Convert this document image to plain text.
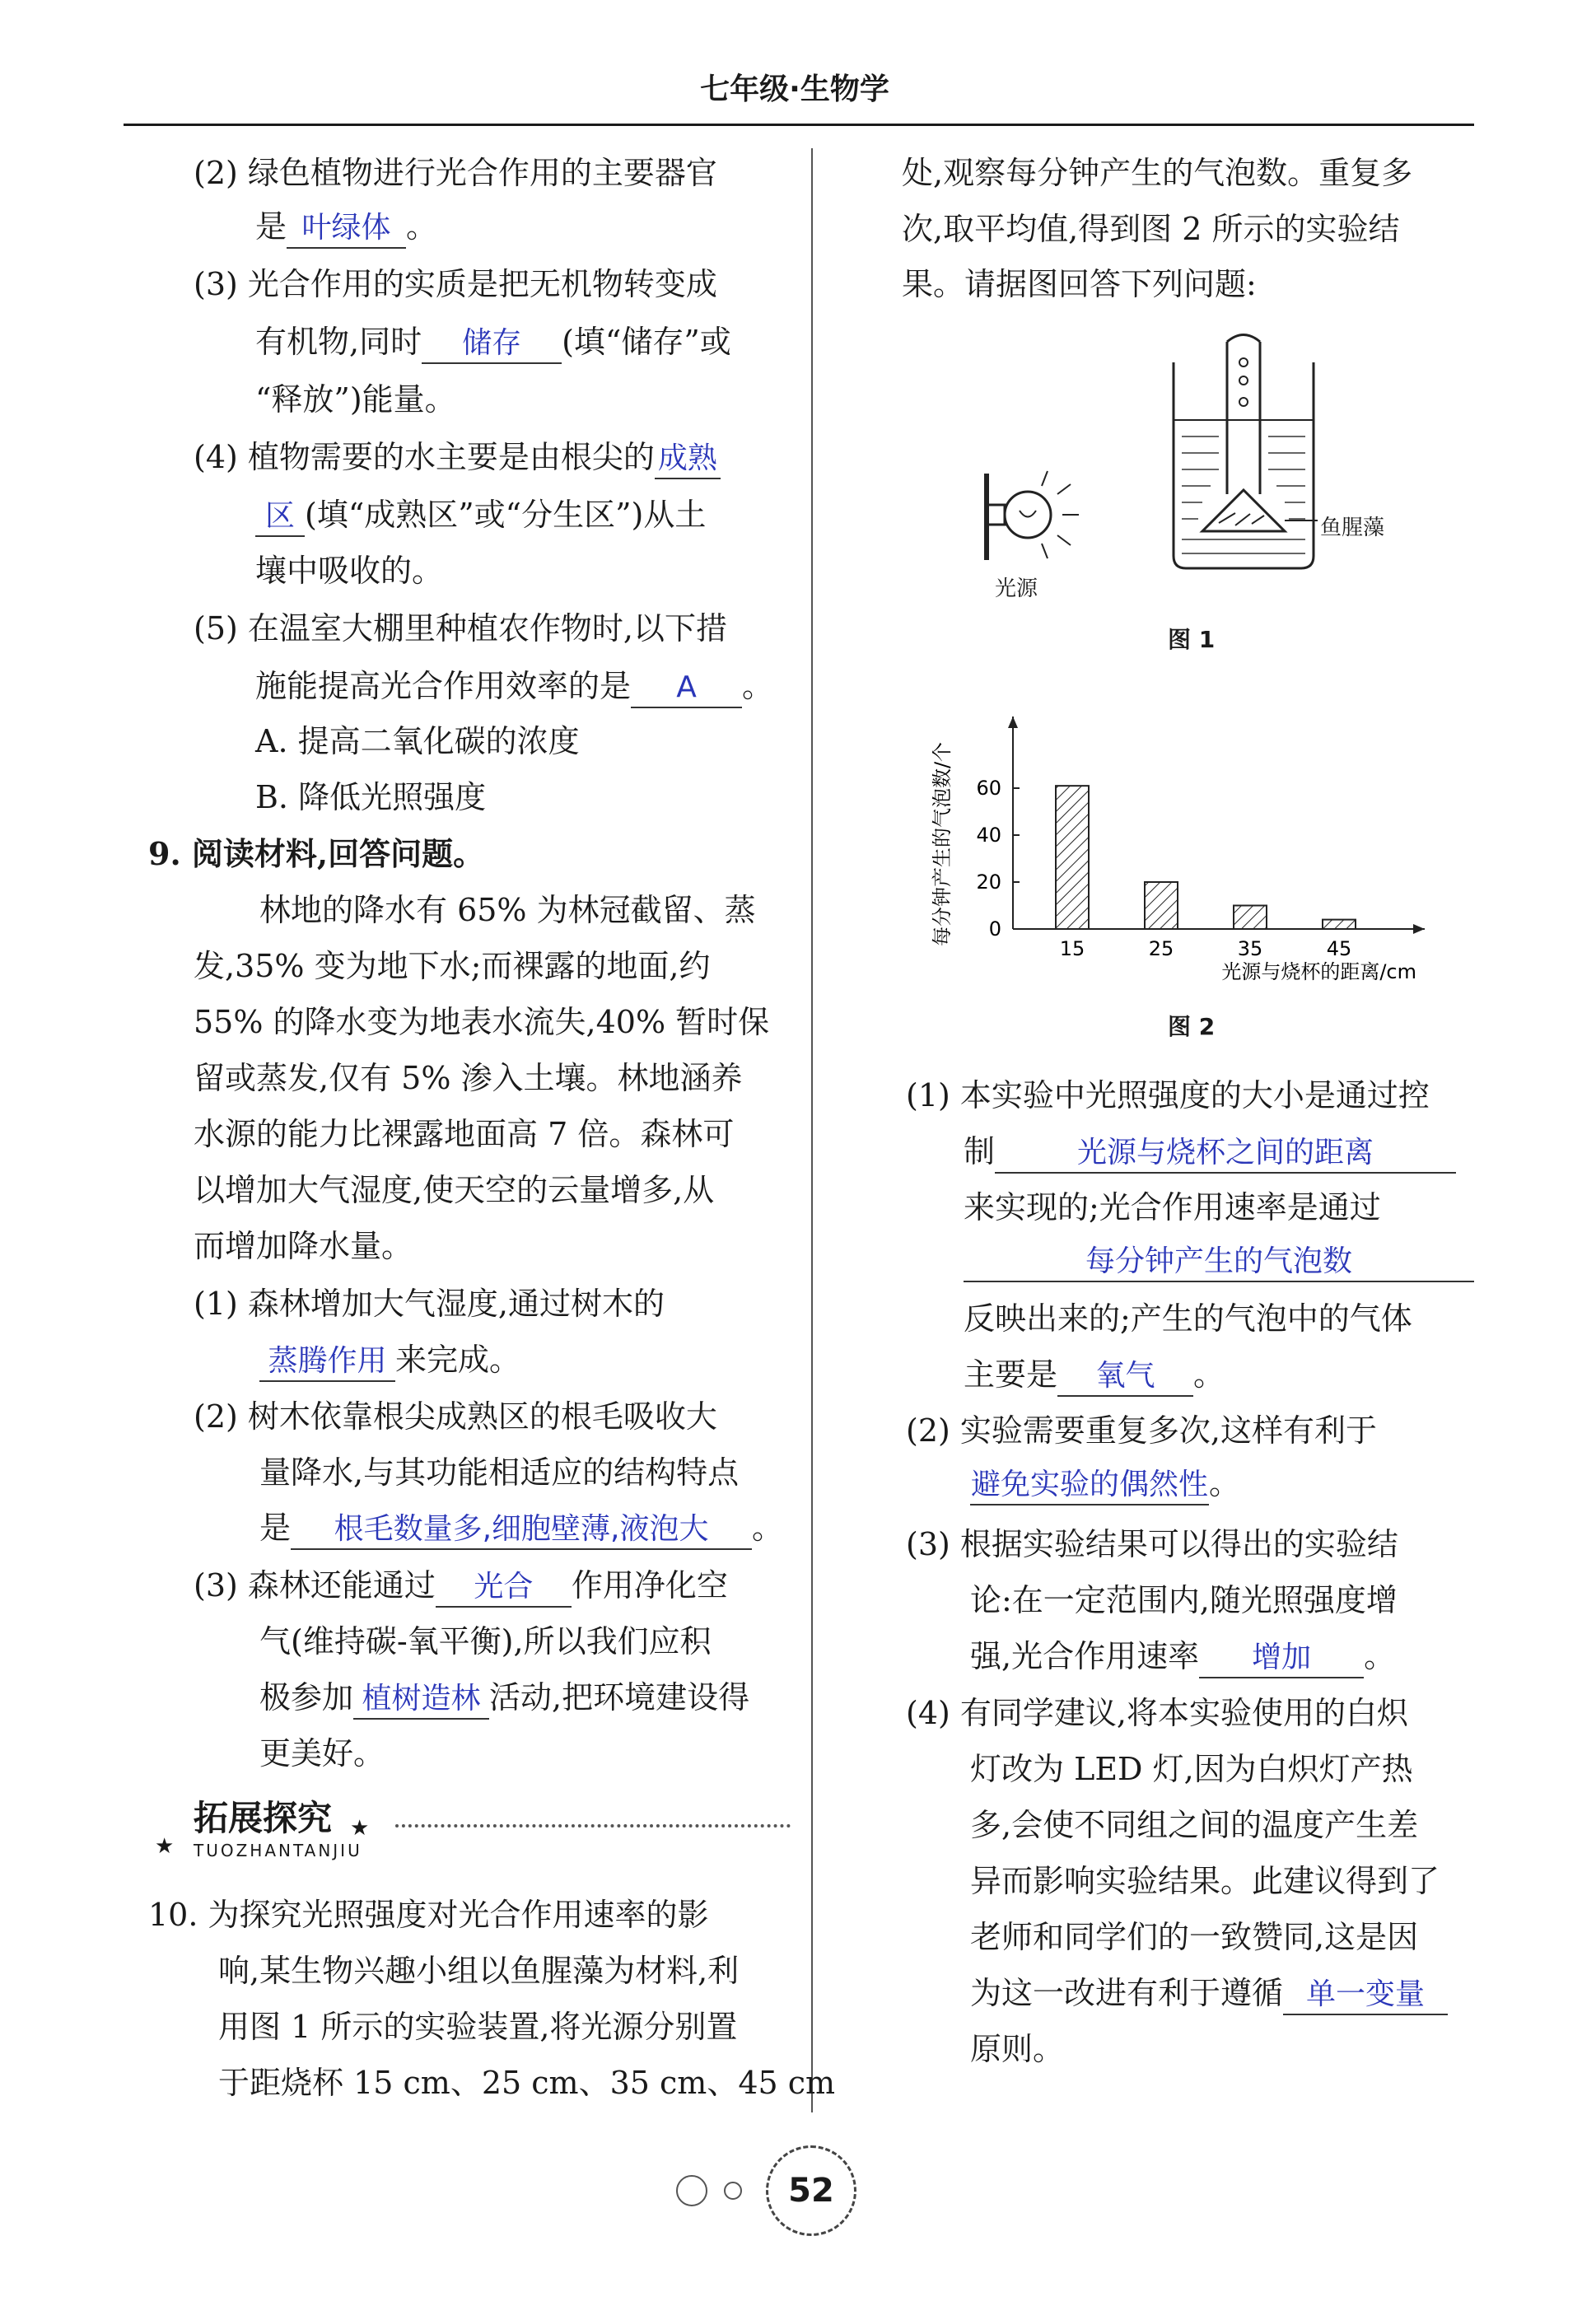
七年级·生物学
(2) 绿色植物进行光合作用的主要器官
是 叶绿体 。
(3) 光合作用的实质是把无机物转变成
有机物,同时 储存 (填“储存”或
“释放”)能量。
(4) 植物需要的水主要是由根尖的 成熟
区 (填“成熟区”或“分生区”)从土
壤中吸收的。
(5) 在温室大棚里种植农作物时,以下措
施能提高光合作用效率的是 A 。
A. 提高二氧化碳的浓度
B. 降低光照强度
9. 阅读材料,回答问题。
林地的降水有 65% 为林冠截留、蒸
发,35% 变为地下水;而裸露的地面,约
55% 的降水变为地表水流失,40% 暂时保
留或蒸发,仅有 5% 渗入土壤。林地涵养
水源的能力比裸露地面高 7 倍。森林可
以增加大气湿度,使天空的云量增多,从
而增加降水量。
(1) 森林增加大气湿度,通过树木的
蒸腾作用 来完成。
(2) 树木依靠根尖成熟区的根毛吸收大
量降水,与其功能相适应的结构特点
是 根毛数量多,细胞壁薄,液泡大 。
(3) 森林还能通过 光合 作用净化空
气(维持碳-氧平衡),所以我们应积
极参加 植树造林 活动,把环境建设得
更美好。
★
★
拓展探究
TUOZHANTANJIU
10. 为探究光照强度对光合作用速率的影
响,某生物兴趣小组以鱼腥藻为材料,利
用图 1 所示的实验装置,将光源分别置
于距烧杯 15 cm、25 cm、35 cm、45 cm
处,观察每分钟产生的气泡数。重复多
次,取平均值,得到图 2 所示的实验结
果。请据图回答下列问题:
光源
鱼腥藻
图 1
每分钟产生的气泡数/个
光源与烧杯的距离/cm
0
20
40
60
15	25	35	45
图 2
(1) 本实验中光照强度的大小是通过控
制	光源与烧杯之间的距离
来实现的;光合作用速率是通过
每分钟产生的气泡数
反映出来的;产生的气泡中的气体
主要是 氧气 。
(2) 实验需要重复多次,这样有利于
避免实验的偶然性。
(3) 根据实验结果可以得出的实验结
论:在一定范围内,随光照强度增
强,光合作用速率 增加 。
(4) 有同学建议,将本实验使用的白炽
灯改为 LED 灯,因为白炽灯产热
多,会使不同组之间的温度产生差
异而影响实验结果。此建议得到了
老师和同学们的一致赞同,这是因
为这一改进有利于遵循 单一变量
原则。
52
